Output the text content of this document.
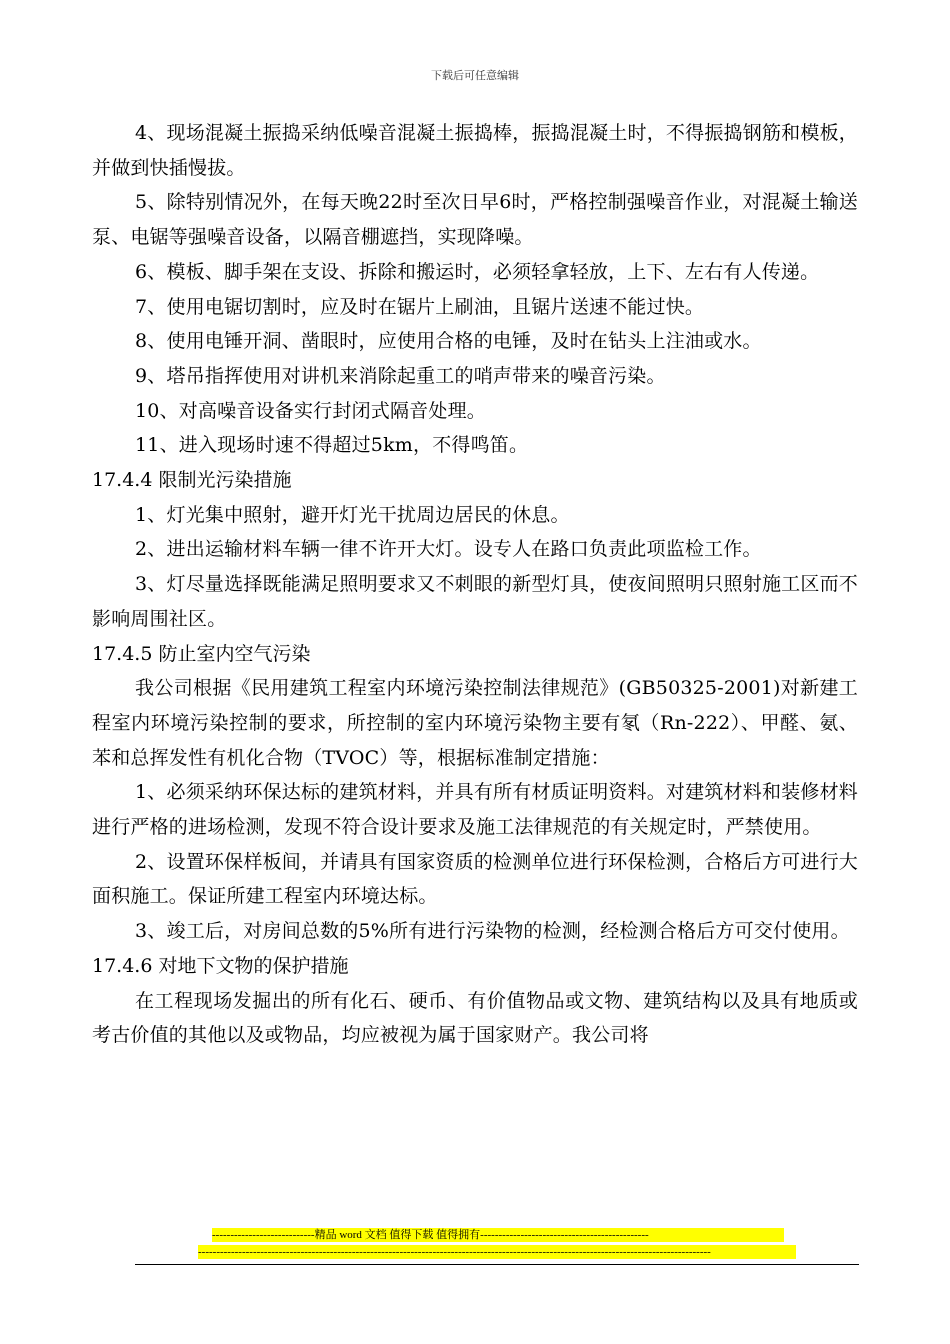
下载后可任意编辑

4、现场混凝土振捣采纳低噪音混凝土振捣棒，振捣混凝土时，不得振捣钢筋和模板，并做到快插慢拔。

5、除特别情况外，在每天晚22时至次日早6时，严格控制强噪音作业，对混凝土输送泵、电锯等强噪音设备，以隔音棚遮挡，实现降噪。

6、模板、脚手架在支设、拆除和搬运时，必须轻拿轻放，上下、左右有人传递。

7、使用电锯切割时，应及时在锯片上刷油，且锯片送速不能过快。

8、使用电锤开洞、凿眼时，应使用合格的电锤，及时在钻头上注油或水。

9、塔吊指挥使用对讲机来消除起重工的哨声带来的噪音污染。

10、对高噪音设备实行封闭式隔音处理。

11、进入现场时速不得超过5km，不得鸣笛。

17.4.4 限制光污染措施

1、灯光集中照射，避开灯光干扰周边居民的休息。

2、进出运输材料车辆一律不许开大灯。设专人在路口负责此项监检工作。

3、灯尽量选择既能满足照明要求又不刺眼的新型灯具，使夜间照明只照射施工区而不影响周围社区。

17.4.5 防止室内空气污染

我公司根据《民用建筑工程室内环境污染控制法律规范》(GB50325-2001)对新建工程室内环境污染控制的要求，所控制的室内环境污染物主要有氡（Rn-222）、甲醛、氨、苯和总挥发性有机化合物（TVOC）等，根据标准制定措施：

1、必须采纳环保达标的建筑材料，并具有所有材质证明资料。对建筑材料和装修材料进行严格的进场检测，发现不符合设计要求及施工法律规范的有关规定时，严禁使用。

2、设置环保样板间，并请具有国家资质的检测单位进行环保检测，合格后方可进行大面积施工。保证所建工程室内环境达标。

3、竣工后，对房间总数的5%所有进行污染物的检测，经检测合格后方可交付使用。

17.4.6 对地下文物的保护措施

在工程现场发掘出的所有化石、硬币、有价值物品或文物、建筑结构以及具有地质或考古价值的其他以及或物品，均应被视为属于国家财产。我公司将

----------------------------精品 word 文档 值得下载 值得拥有----------------------------------------------
--------------------------------------------------------------------------------------------------------------------------------------------
